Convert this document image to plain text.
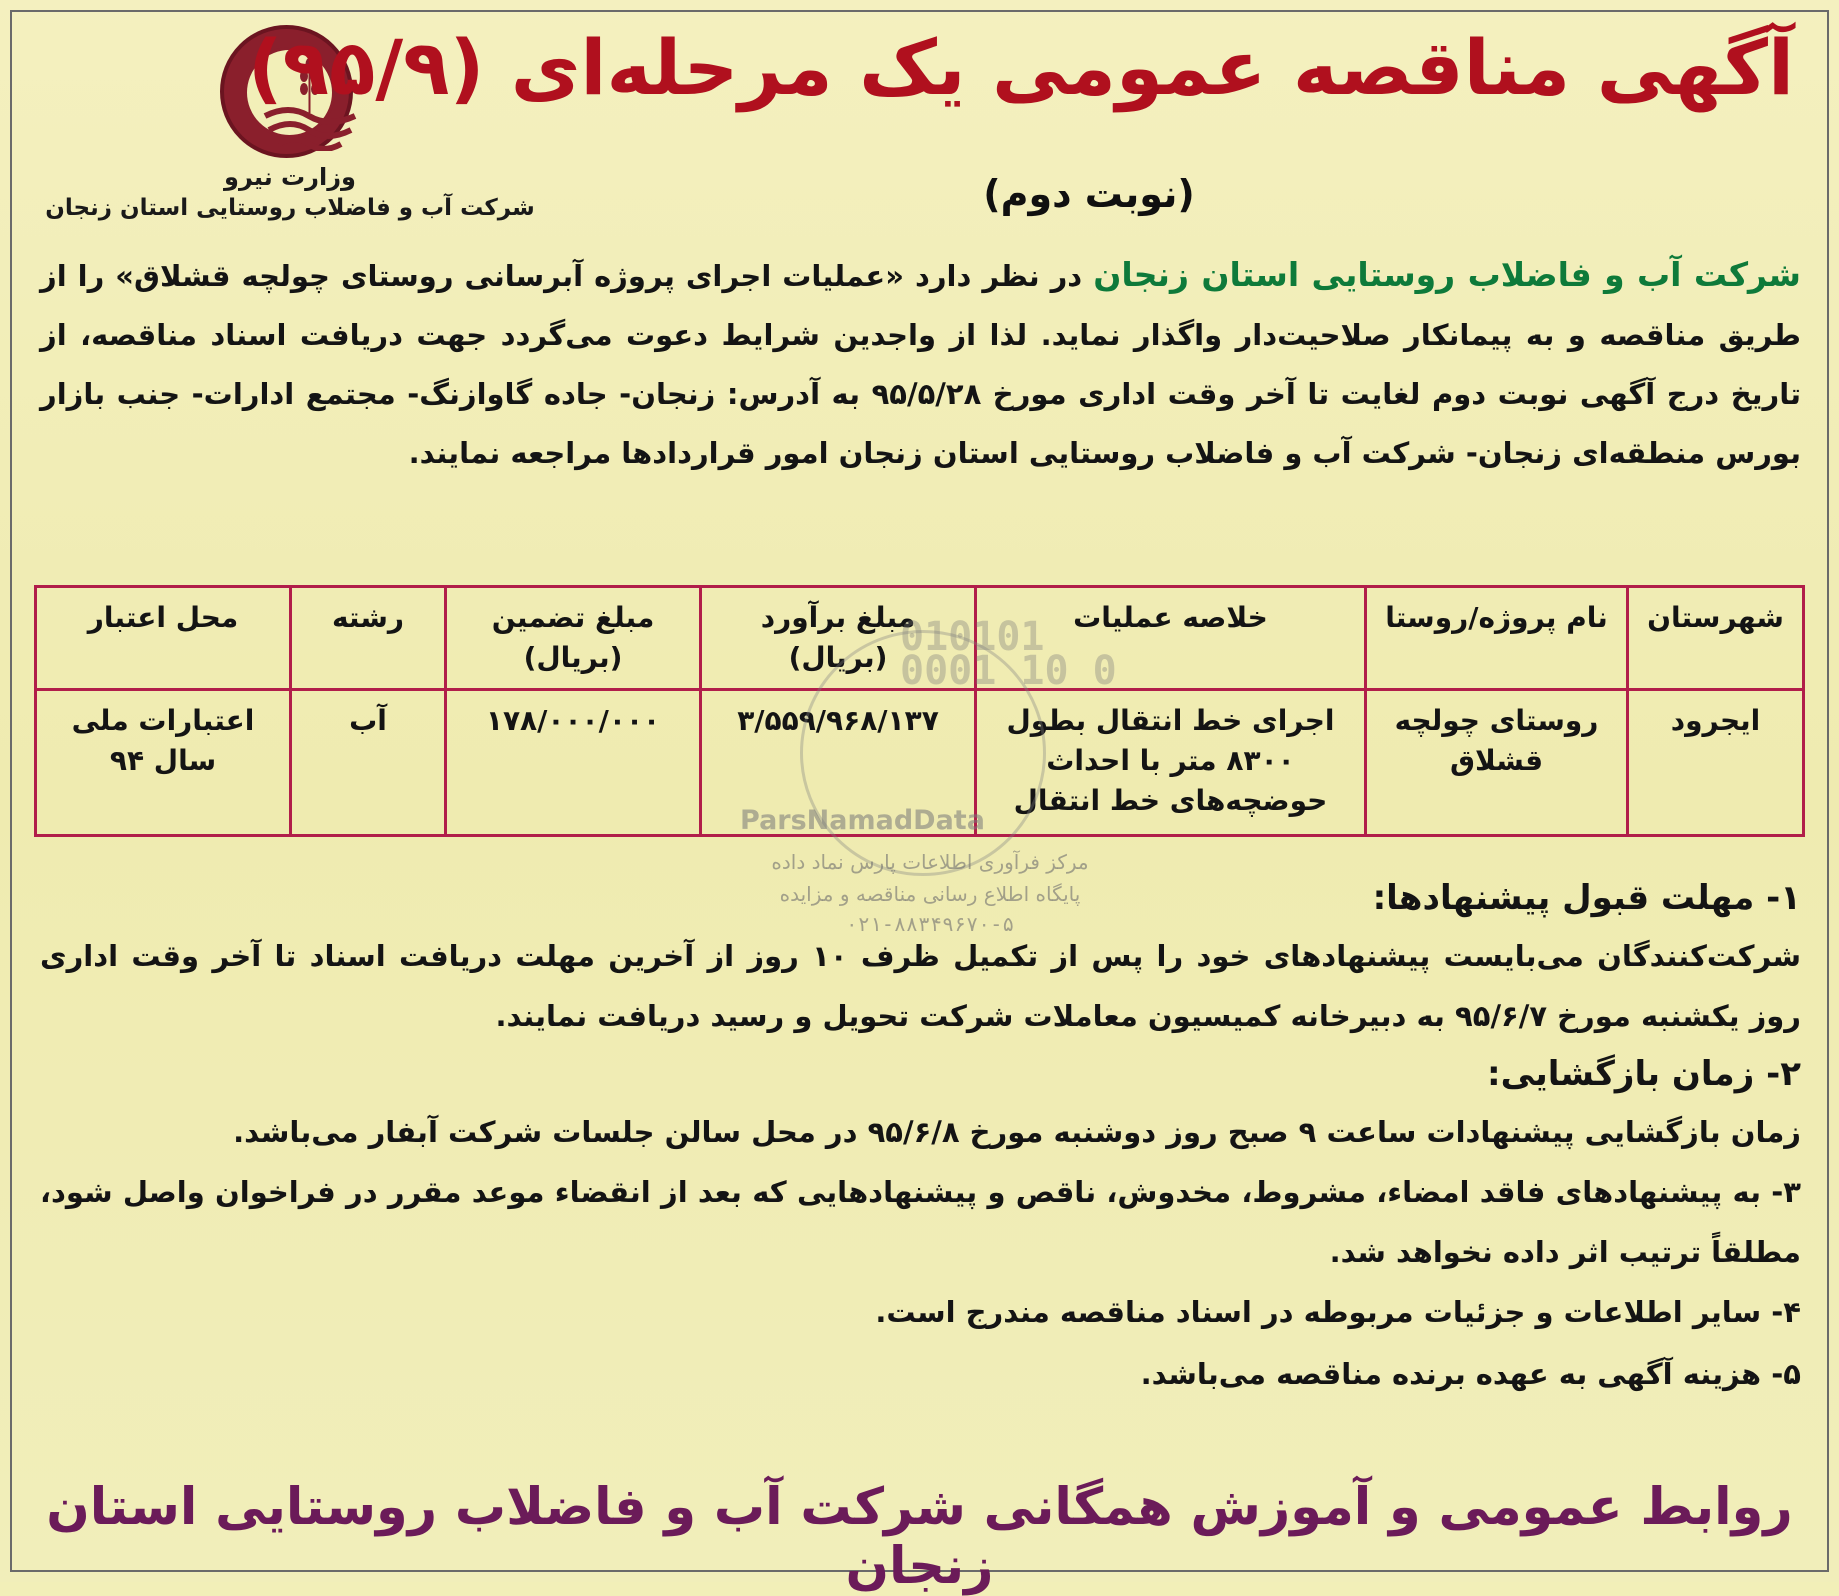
وزارت نیرو
شرکت آب و فاضلاب روستایی استان زنجان
آگهی مناقصه عمومی یک مرحله‌ای (۹۵/۹)
(نوبت دوم)
شرکت آب و فاضلاب روستایی استان زنجان در نظر دارد «عملیات اجرای پروژه آبرسانی روستای چولچه قشلاق» را از طریق مناقصه و به پیمانکار صلاحیت‌دار واگذار نماید. لذا از واجدین شرایط دعوت می‌گردد جهت دریافت اسناد مناقصه، از تاریخ درج آگهی نوبت دوم لغایت تا آخر وقت اداری مورخ ۹۵/۵/۲۸ به آدرس: زنجان- جاده گاوازنگ- مجتمع ادارات- جنب بازار بورس منطقه‌ای زنجان- شرکت آب و فاضلاب روستایی استان زنجان امور قراردادها مراجعه نمایند.
شهرستان	نام پروژه/روستا	خلاصه عملیات	مبلغ برآورد (بریال)	مبلغ تضمین (بریال)	رشته	محل اعتبار
ایجرود	روستای چولچه قشلاق	اجرای خط انتقال بطول ۸۳۰۰ متر با احداث حوضچه‌های خط انتقال	۳/۵۵۹/۹۶۸/۱۳۷	۱۷۸/۰۰۰/۰۰۰	آب	اعتبارات ملی سال ۹۴
010101 0001 10 0
ParsNamadData
مرکز فرآوری اطلاعات پارس نماد داده
پایگاه اطلاع رسانی مناقصه و مزایده
۰۲۱-۸۸۳۴۹۶۷۰-۵
۱- مهلت قبول پیشنهادها:
شرکت‌کنندگان می‌بایست پیشنهادهای خود را پس از تکمیل ظرف ۱۰ روز از آخرین مهلت دریافت اسناد تا آخر وقت اداری روز یکشنبه مورخ ۹۵/۶/۷ به دبیرخانه کمیسیون معاملات شرکت تحویل و رسید دریافت نمایند.
۲- زمان بازگشایی:
زمان بازگشایی پیشنهادات ساعت ۹ صبح روز دوشنبه مورخ ۹۵/۶/۸ در محل سالن جلسات شرکت آبفار می‌باشد.
۳- به پیشنهادهای فاقد امضاء، مشروط، مخدوش، ناقص و پیشنهادهایی که بعد از انقضاء موعد مقرر در فراخوان واصل شود، مطلقاً ترتیب اثر داده نخواهد شد.
۴- سایر اطلاعات و جزئیات مربوطه در اسناد مناقصه مندرج است.
۵- هزینه آگهی به عهده برنده مناقصه می‌باشد.
روابط عمومی و آموزش همگانی شرکت آب و فاضلاب روستایی استان زنجان
